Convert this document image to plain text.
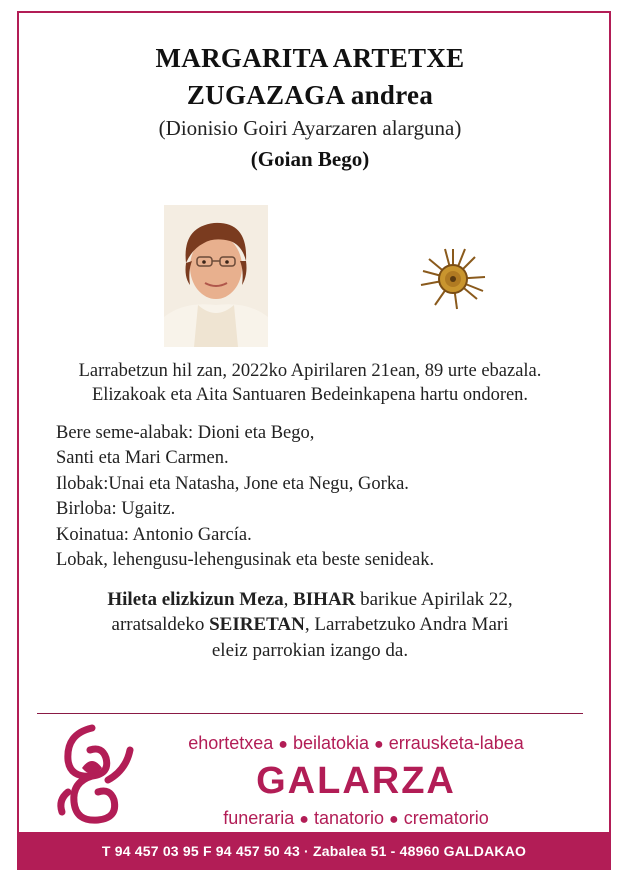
MARGARITA ARTETXE
ZUGAZAGA andrea
(Dionisio Goiri Ayarzaren alarguna)
(Goian Bego)
Larrabetzun hil zan, 2022ko Apirilaren 21ean, 89 urte ebazala.
Elizakoak eta Aita Santuaren Bedeinkapena hartu ondoren.
Bere seme-alabak: Dioni eta Bego,
Santi eta Mari Carmen.
Ilobak:Unai eta Natasha, Jone eta Negu, Gorka.
Birloba: Ugaitz.
Koinatua: Antonio García.
Lobak, lehengusu-lehengusinak eta beste senideak.
Hileta elizkizun Meza, BIHAR barikue Apirilak 22,
arratsaldeko SEIRETAN, Larrabetzuko Andra Mari
eleiz parrokian izango da.
ehortetxea ● beilatokia ● errausketa-labea
GALARZA
funeraria ● tanatorio ● crematorio
T 94 457 03 95 F 94 457 50 43 · Zabalea 51 - 48960 GALDAKAO
